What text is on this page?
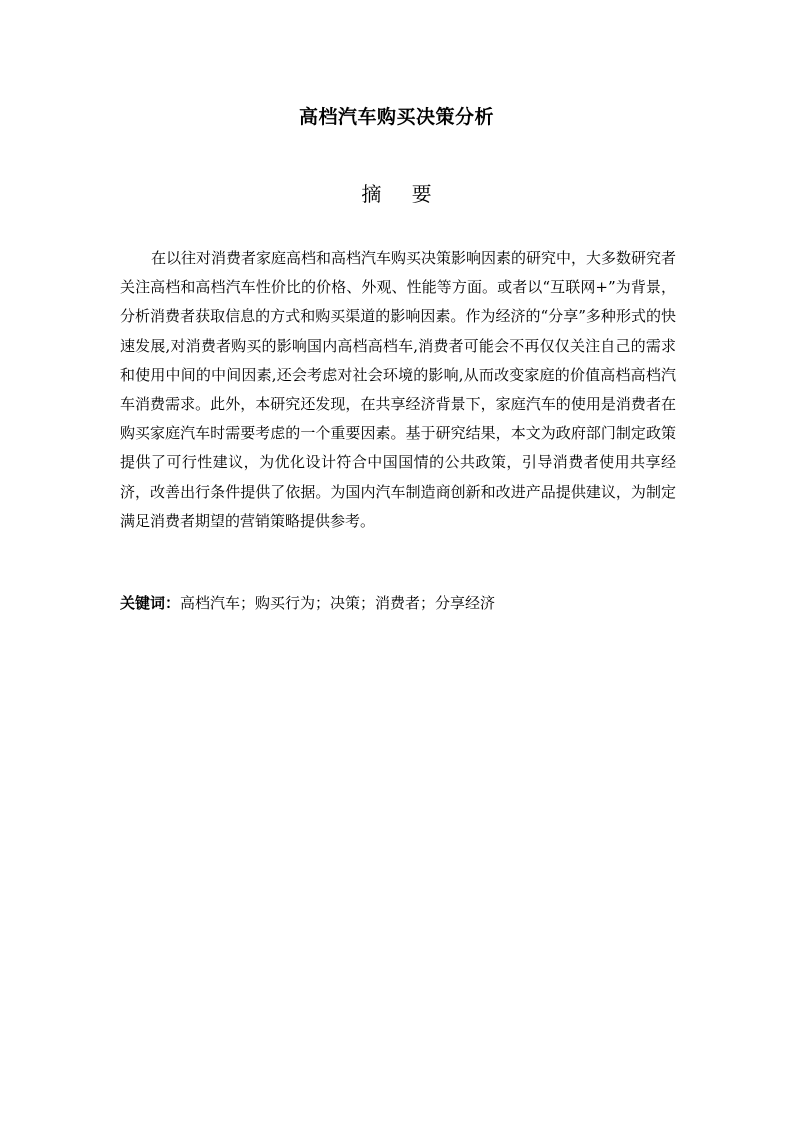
高档汽车购买决策分析
摘 要

在以往对消费者家庭高档和高档汽车购买决策影响因素的研究中，大多数研究者关注高档和高档汽车性价比的价格、外观、性能等方面。或者以“互联网+”为背景，分析消费者获取信息的方式和购买渠道的影响因素。作为经济的“分享”多种形式的快速发展,对消费者购买的影响国内高档高档车,消费者可能会不再仅仅关注自己的需求和使用中间的中间因素,还会考虑对社会环境的影响,从而改变家庭的价值高档高档汽车消费需求。此外，本研究还发现，在共享经济背景下，家庭汽车的使用是消费者在购买家庭汽车时需要考虑的一个重要因素。基于研究结果，本文为政府部门制定政策提供了可行性建议，为优化设计符合中国国情的公共政策，引导消费者使用共享经济，改善出行条件提供了依据。为国内汽车制造商创新和改进产品提供建议，为制定满足消费者期望的营销策略提供参考。

关键词：高档汽车；购买行为；决策；消费者；分享经济
